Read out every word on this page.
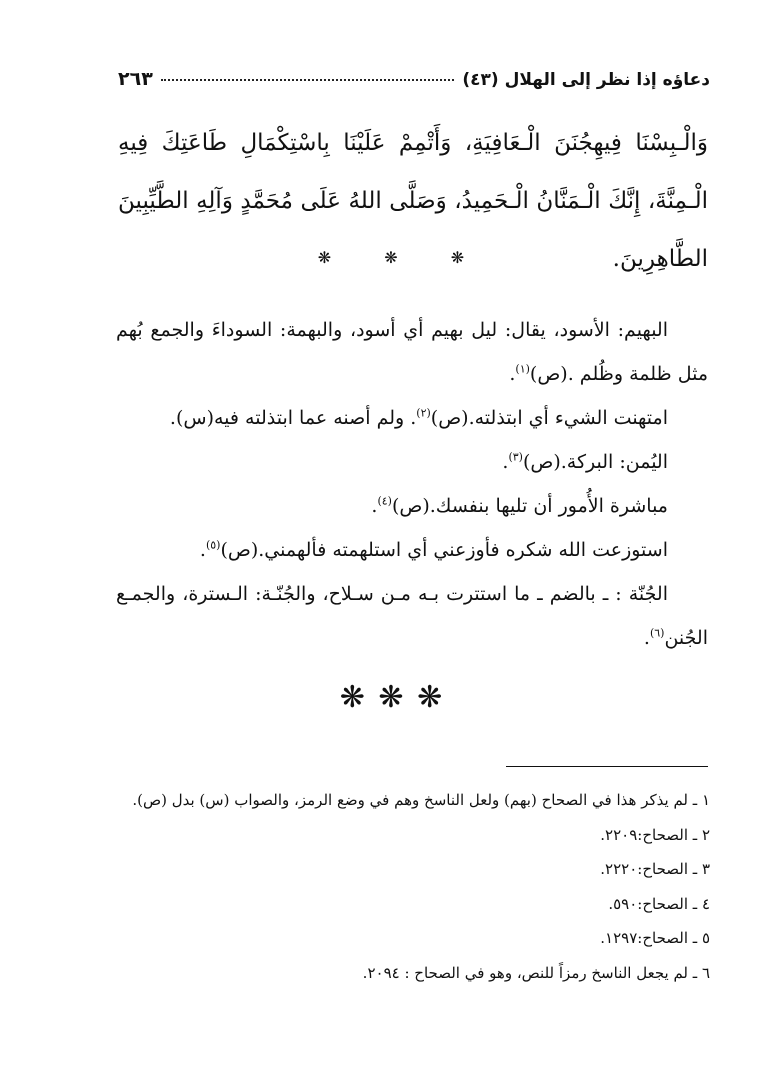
دعاؤه إذا نظر إلى الهلال (٤٣)
٢٦٣
وَالْـبِسْنَا فِيهِجُنَنَ الْـعَافِيَةِ، وَأَتْمِمْ عَلَيْنَا بِاسْتِكْمَالِ طَاعَتِكَ فِيهِ الْـمِنَّةَ، إِنَّكَ الْـمَنَّانُ الْـحَمِيدُ، وَصَلَّى اللهُ عَلَى مُحَمَّدٍ وَآلِهِ الطَّيِّبِينَ الطَّاهِرِينَ.
❋	❋	❋

البهيم: الأسود، يقال: ليل بهيم أي أسود، والبهمة: السوداءَ والجمع بُهم مثل ظلمة وظُلم .(ص)$^{(١)}$.

امتهنت الشيء أي ابتذلته.(ص)$^{(٢)}$. ولم أصنه عما ابتذلته فيه(س).

اليُمن: البركة.(ص)$^{(٣)}$.

مباشرة الأُمور أن تليها بنفسك.(ص)$^{(٤)}$.

استوزعت الله شكره فأوزعني أي استلهمته فألهمني.(ص)$^{(٥)}$.

الجُنّة : ـ بالضم ـ ما استترت بـه مـن سـلاح، والجُنّـة: الـسترة، والجمـع الجُنن$^{(٦)}$.

❋ ❋ ❋
١ ـ لم يذكر هذا في الصحاح (بهم) ولعل الناسخ وهم في وضع الرمز، والصواب (س) بدل (ص).
٢ ـ الصحاح:٢٢٠٩.
٣ ـ الصحاح:٢٢٢٠.
٤ ـ الصحاح:٥٩٠.
٥ ـ الصحاح:١٢٩٧.
٦ ـ لم يجعل الناسخ رمزاً للنص، وهو في الصحاح : ٢٠٩٤.
